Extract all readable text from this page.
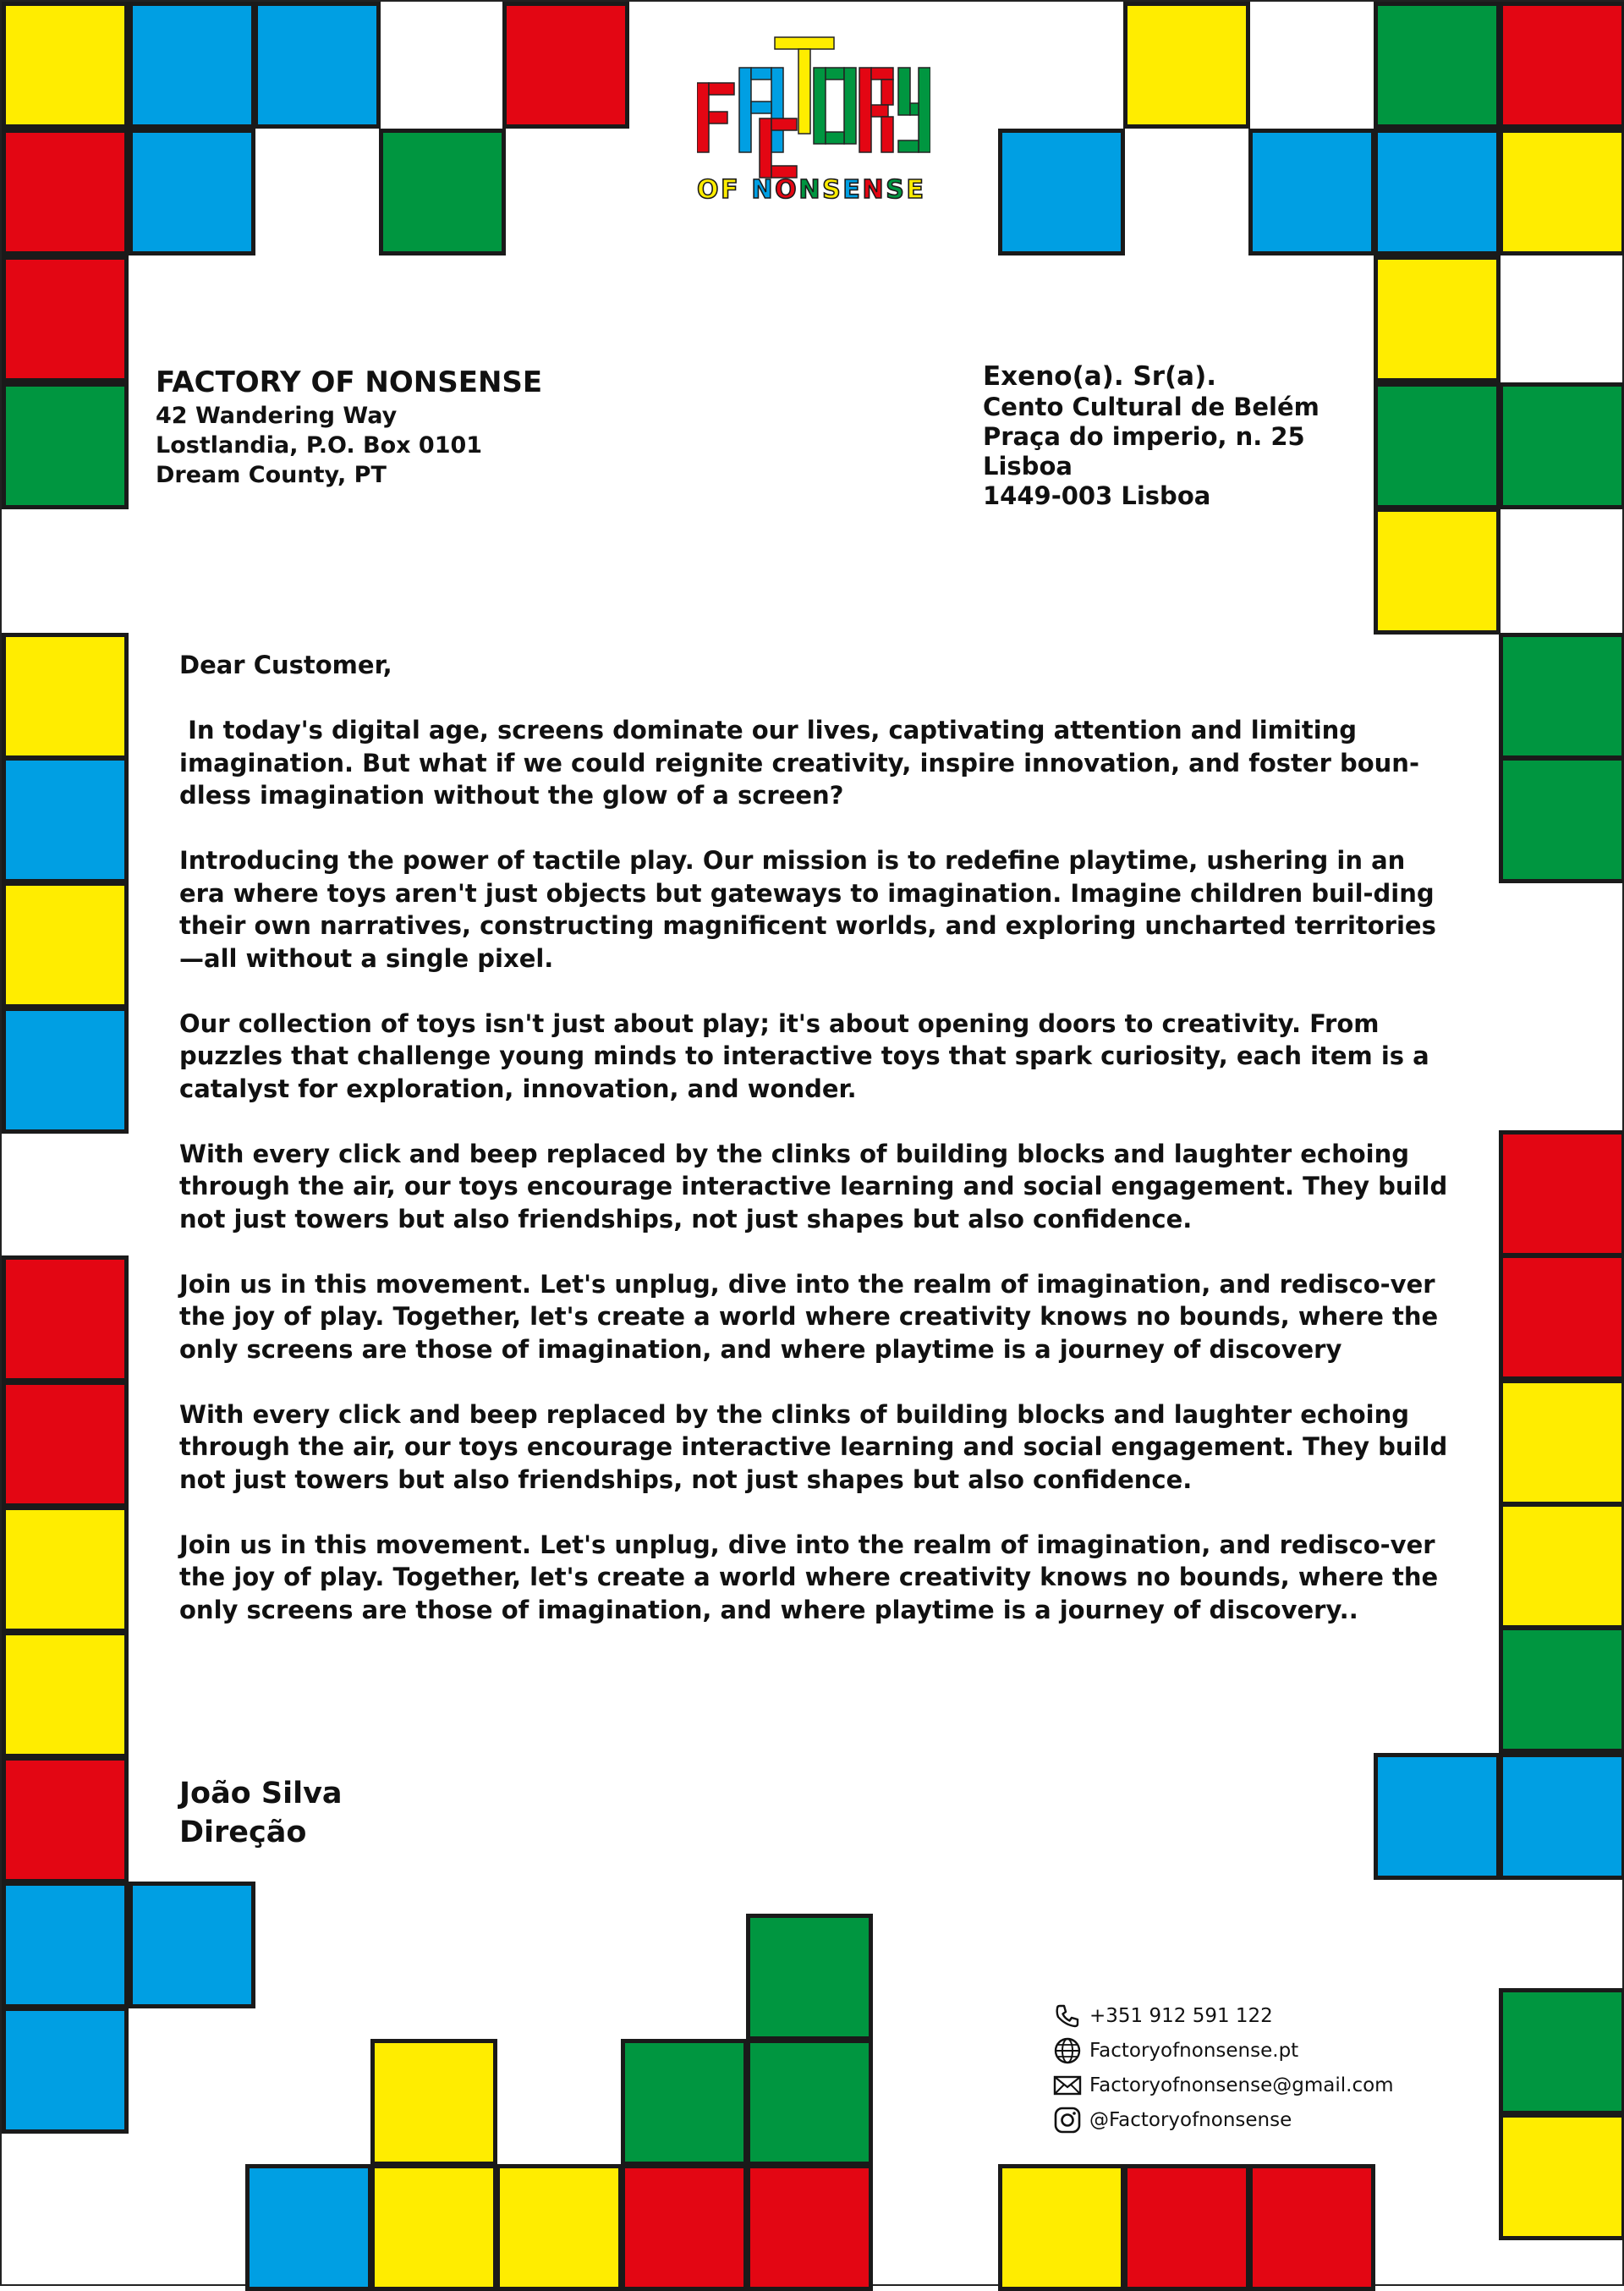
OF NONSENSE
FACTORY OF NONSENSE
42 Wandering Way
Lostlandia, P.O. Box 0101
Dream County, PT
Exeno(a). Sr(a).
Cento Cultural de Belém
Praça do imperio, n. 25
Lisboa
1449-003 Lisboa

Dear Customer,

In today's digital age, screens dominate our lives, captivating attention and limiting imagination. But what if we could reignite creativity, inspire innovation, and foster boun-dless imagination without the glow of a screen?

Introducing the power of tactile play. Our mission is to redefine playtime, ushering in an era where toys aren't just objects but gateways to imagination. Imagine children buil-ding their own narratives, constructing magnificent worlds, and exploring uncharted territories—all without a single pixel.

Our collection of toys isn't just about play; it's about opening doors to creativity. From puzzles that challenge young minds to interactive toys that spark curiosity, each item is a catalyst for exploration, innovation, and wonder.

With every click and beep replaced by the clinks of building blocks and laughter echoing through the air, our toys encourage interactive learning and social engagement. They build not just towers but also friendships, not just shapes but also confidence.

Join us in this movement. Let's unplug, dive into the realm of imagination, and redisco-ver the joy of play. Together, let's create a world where creativity knows no bounds, where the only screens are those of imagination, and where playtime is a journey of discovery

With every click and beep replaced by the clinks of building blocks and laughter echoing through the air, our toys encourage interactive learning and social engagement. They build not just towers but also friendships, not just shapes but also confidence.

Join us in this movement. Let's unplug, dive into the realm of imagination, and redisco-ver the joy of play. Together, let's create a world where creativity knows no bounds, where the only screens are those of imagination, and where playtime is a journey of discovery..

João Silva
Direção
+351 912 591 122
Factoryofnonsense.pt
Factoryofnonsense@gmail.com
@Factoryofnonsense
